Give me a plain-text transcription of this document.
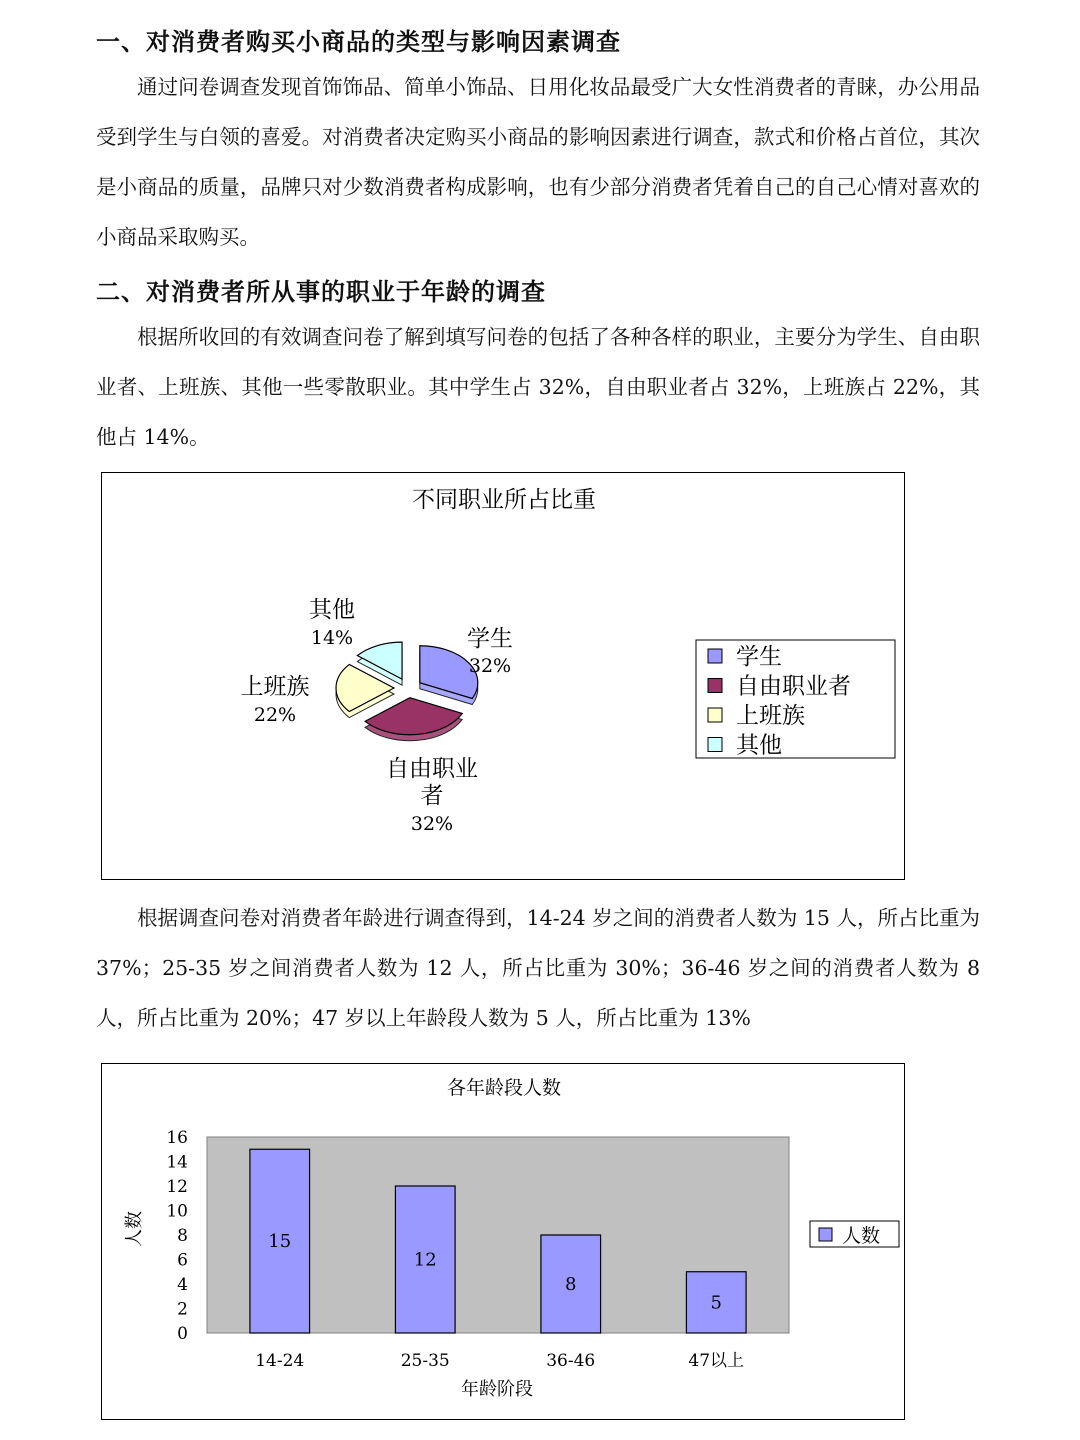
一、对消费者购买小商品的类型与影响因素调查

通过问卷调查发现首饰饰品、简单小饰品、日用化妆品最受广大女性消费者的青睐，办公用品受到学生与白领的喜爱。对消费者决定购买小商品的影响因素进行调查，款式和价格占首位，其次是小商品的质量，品牌只对少数消费者构成影响，也有少部分消费者凭着自己的自己心情对喜欢的小商品采取购买。

二、对消费者所从事的职业于年龄的调查

根据所收回的有效调查问卷了解到填写问卷的包括了各种各样的职业，主要分为学生、自由职业者、上班族、其他一些零散职业。其中学生占 32%，自由职业者占 32%，上班族占 22%，其他占 14%。

不同职业所占比重
学生
32%
自由职业
者
32%
上班族
22%
其他
14%
学生
自由职业者
上班族
其他

根据调查问卷对消费者年龄进行调查得到，14-24 岁之间的消费者人数为 15 人，所占比重为 37%；25-35 岁之间消费者人数为 12 人，所占比重为 30%；36-46 岁之间的消费者人数为 8 人，所占比重为 20%；47 岁以上年龄段人数为 5 人，所占比重为 13%

各年龄段人数
0
2
4
6
8
10
12
14
16
15
12
8
5
14-24	25-35	36-46	47以上
年龄阶段
人数	人数
